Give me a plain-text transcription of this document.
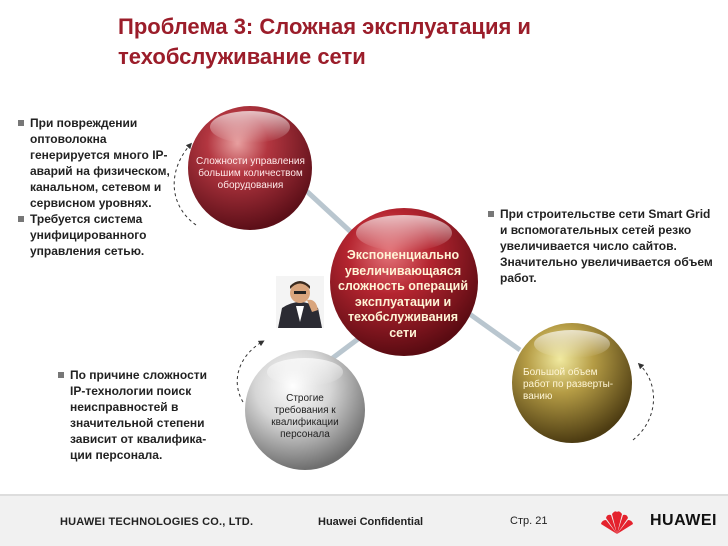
Проблема 3: Сложная эксплуатация и
техобслуживание сети
При повреждении
оптоволокна
генерируется много IP-
аварий на физическом,
канальном, сетевом и
сервисном уровнях.
Требуется система
унифицированного
управления сетью.
По причине сложности
IP-технологии поиск
неисправностей в
значительной степени
зависит от квалифика-
ции персонала.
При строительстве сети Smart Grid
и вспомогательных сетей резко
увеличивается число сайтов.
Значительно увеличивается объем
работ.
Сложности управления
большим количеством
оборудования
Экспоненциально
увеличивающаяся
сложность операций
эксплуатации и
техобслуживания
сети
Строгие
требования к
квалификации
персонала
Большой объем
работ по разверты-
ванию
HUAWEI TECHNOLOGIES CO., LTD.	Huawei Confidential	Стр. 21	HUAWEI
